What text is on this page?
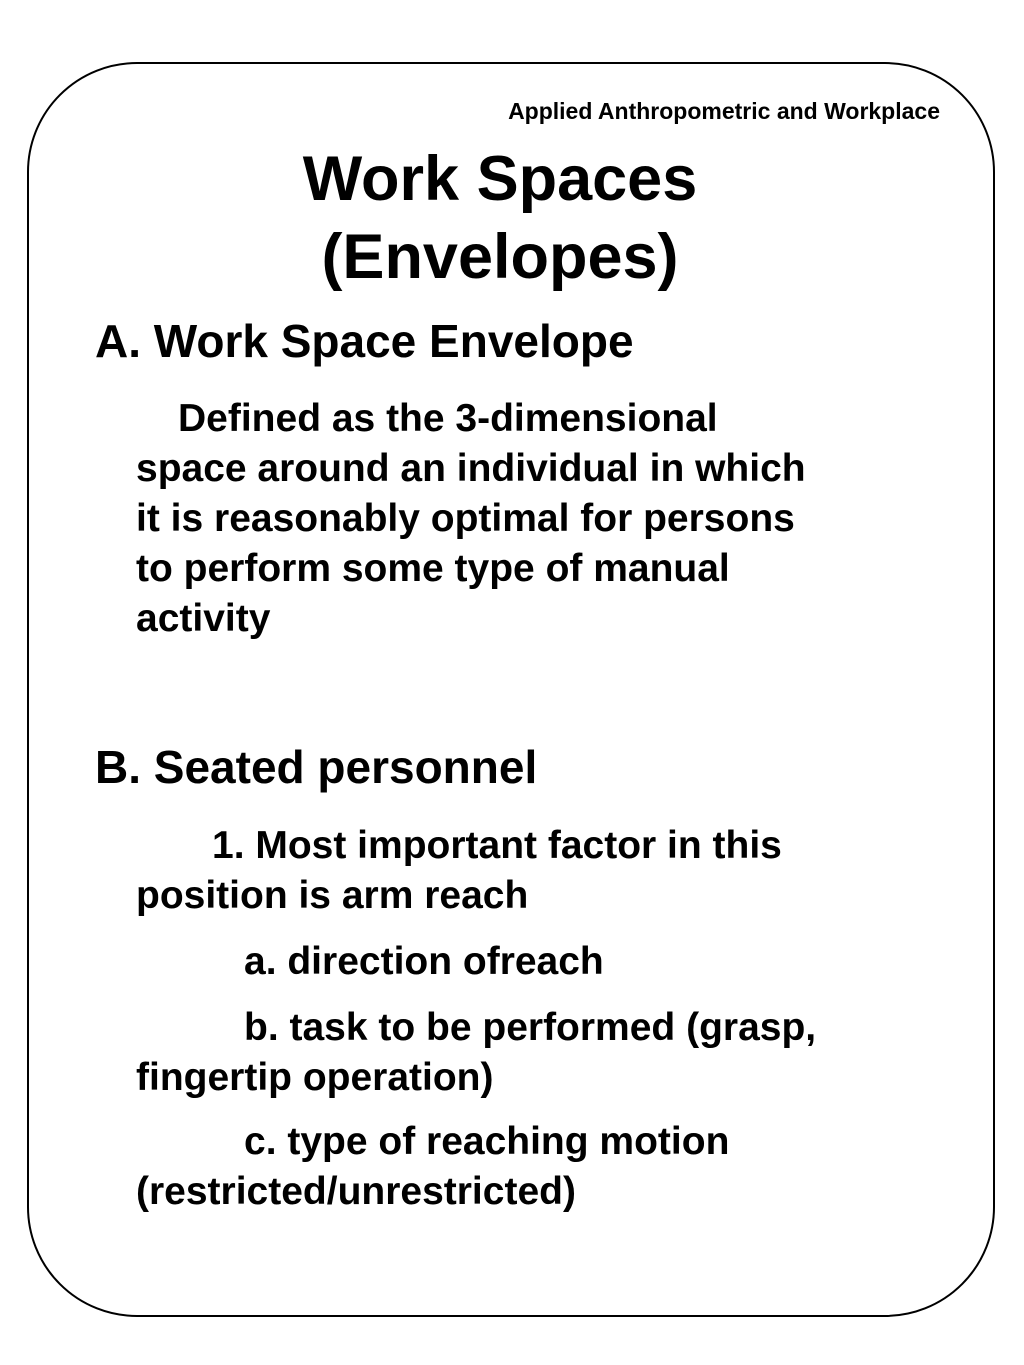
Applied Anthropometric and Workplace
Work Spaces
(Envelopes)
A. Work Space Envelope
Defined as the 3-dimensional
space around an individual in which
it is reasonably optimal for persons
to perform some type of manual
activity
B. Seated personnel
1. Most important factor in this
position is arm reach
a. direction ofreach
b. task to be performed (grasp,
fingertip operation)
c. type of reaching motion
(restricted/unrestricted)
